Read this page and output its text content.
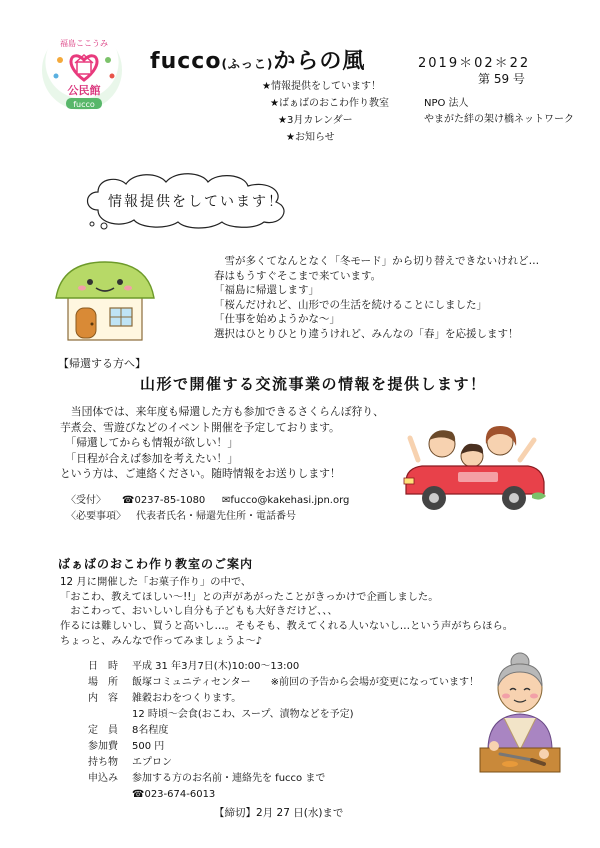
福島ここうみ
公民館
fucco
fucco(ふっこ)からの風	2019＊02＊22
第 59 号
★情報提供をしています！
★ばぁばのおこわ作り教室
★3月カレンダー
★お知らせ
NPO 法人
やまがた絆の架け橋ネットワーク
情報提供をしています！
　雪が多くてなんとなく「冬モード」から切り替えできないけれど…
春はもうすぐそこまで来ています。
「福島に帰還します」
「桜んだけれど、山形での生活を続けることにしました」
「仕事を始めようかな～」
選択はひとりひとり違うけれど、みんなの「春」を応援します！
【帰還する方へ】
山形で開催する交流事業の情報を提供します！
　当団体では、来年度も帰還した方も参加できるさくらんぼ狩り、
芋煮会、雪遊びなどのイベント開催を予定しております。
　「帰還してからも情報が欲しい！」
　「日程が合えば参加を考えたい！」
という方は、ご連絡ください。随時情報をお送りします！
〈受付〉 ☎0237-85-1080 ✉fucco@kakehasi.jpn.org
〈必要事項〉 代表者氏名・帰還先住所・電話番号
ばぁばのおこわ作り教室のご案内
12 月に開催した「お菓子作り」の中で、
「おこわ、教えてほしい～!!」との声があがったことがきっかけで企画しました。
　おこわって、おいしいし自分も子どもも大好きだけど、、、
作るには難しいし、買うと高いし…。そもそも、教えてくれる人いないし…という声がちらほら。
ちょっと、みんなで作ってみましょうよ～♪
日　時 平成 31 年3月7日(木)10:00～13:00
場　所 飯塚コミュニティセンター　　※前回の予告から会場が変更になっています！
内　容 雑穀おわをつくります。
12 時頃～会食(おこわ、スープ、漬物などを予定)
定　員 8名程度
参加費 500 円
持ち物 エプロン
申込み 参加する方のお名前・連絡先を fucco まで
☎023-674-6013
【締切】2月 27 日(水)まで
